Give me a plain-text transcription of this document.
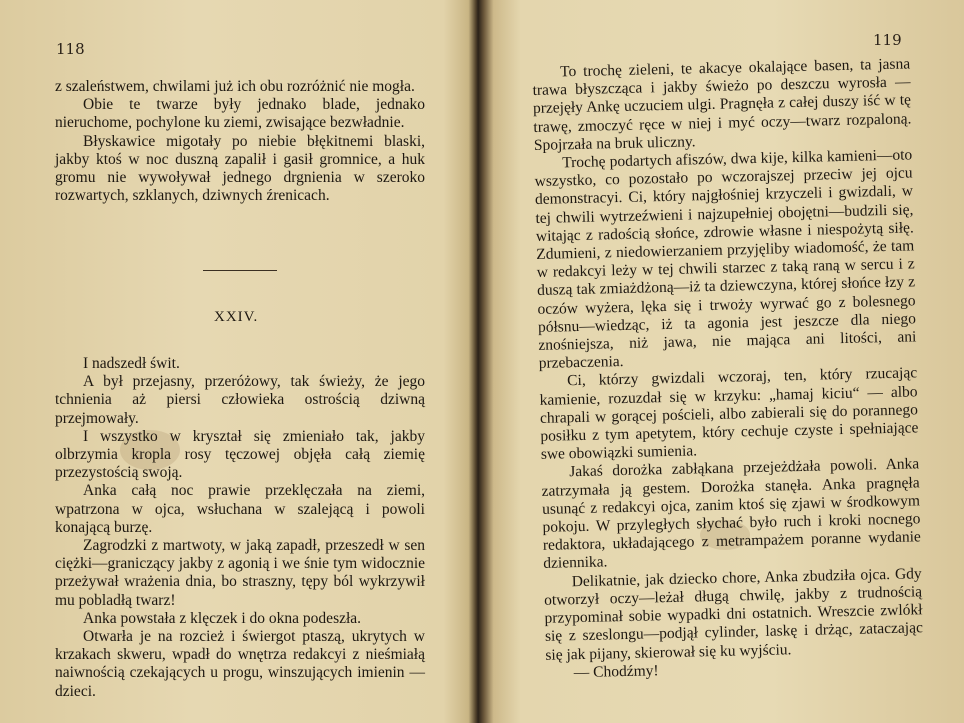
118

z szaleństwem, chwilami już ich obu rozróżnić nie mogła.

Obie te twarze były jednako blade, jednako nieruchome, pochylone ku ziemi, zwisające bezwładnie.

Błyskawice migotały po niebie błękitnemi blaski, jakby ktoś w noc duszną zapalił i gasił gromnice, a huk gromu nie wywoływał jednego drgnienia w szeroko rozwartych, szklanych, dziwnych źrenicach.

XXIV.

I nadszedł świt.

A był przejasny, przeróżowy, tak świeży, że jego tchnienia aż piersi człowieka ostrością dziwną przejmowały.

I wszystko w kryształ się zmieniało tak, jakby olbrzymia kropla rosy tęczowej objęła całą ziemię przezystością swoją.

Anka całą noc prawie przeklęczała na ziemi, wpatrzona w ojca, wsłuchana w szalejącą i powoli konającą burzę.

Zagrodzki z martwoty, w jaką zapadł, przeszedł w sen ciężki—graniczący jakby z agonią i we śnie tym widocznie przeżywał wrażenia dnia, bo straszny, tępy ból wykrzywił mu pobladłą twarz!

Anka powstała z klęczek i do okna podeszła.

Otwarła je na rozcież i świergot ptaszą, ukrytych w krzakach skweru, wpadł do wnętrza redakcyi z nieśmiałą naiwnością czekających u progu, winszujących imienin — dzieci.

119

To trochę zieleni, te akacye okalające basen, ta jasna trawa błyszcząca i jakby świeżo po deszczu wyrosła — przejęły Ankę uczuciem ulgi. Pragnęła z całej duszy iść w tę trawę, zmoczyć ręce w niej i myć oczy—twarz rozpaloną. Spojrzała na bruk uliczny.

Trochę podartych afiszów, dwa kije, kilka kamieni—oto wszystko, co pozostało po wczorajszej przeciw jej ojcu demonstracyi. Ci, który najgłośniej krzyczeli i gwizdali, w tej chwili wytrzeźwieni i najzupełniej obojętni—budzili się, witając z radością słońce, zdrowie własne i niespożytą siłę. Zdumieni, z niedowierzaniem przyjęliby wiadomość, że tam w redakcyi leży w tej chwili starzec z taką raną w sercu i z duszą tak zmiażdżoną—iż ta dziewczyna, której słońce łzy z oczów wyżera, lęka się i trwoży wyrwać go z bolesnego półsnu—wiedząc, iż ta agonia jest jeszcze dla niego znośniejsza, niż jawa, nie mająca ani litości, ani przebaczenia.

Ci, którzy gwizdali wczoraj, ten, który rzucając kamienie, rozuzdał się w krzyku: „hamaj kiciu“ — albo chrapali w gorącej pościeli, albo zabierali się do porannego posiłku z tym apetytem, który cechuje czyste i spełniające swe obowiązki sumienia.

Jakaś dorożka zabłąkana przejeżdżała powoli. Anka zatrzymała ją gestem. Dorożka stanęła. Anka pragnęła usunąć z redakcyi ojca, zanim ktoś się zjawi w środkowym pokoju. W przyległych słychać było ruch i kroki nocnego redaktora, układającego z metrampażem poranne wydanie dziennika.

Delikatnie, jak dziecko chore, Anka zbudziła ojca. Gdy otworzył oczy—leżał długą chwilę, jakby z trudnością przypominał sobie wypadki dni ostatnich. Wreszcie zwlókł się z szeslongu—podjął cylinder, laskę i drżąc, zataczając się jak pijany, skierował się ku wyjściu.

— Chodźmy!
